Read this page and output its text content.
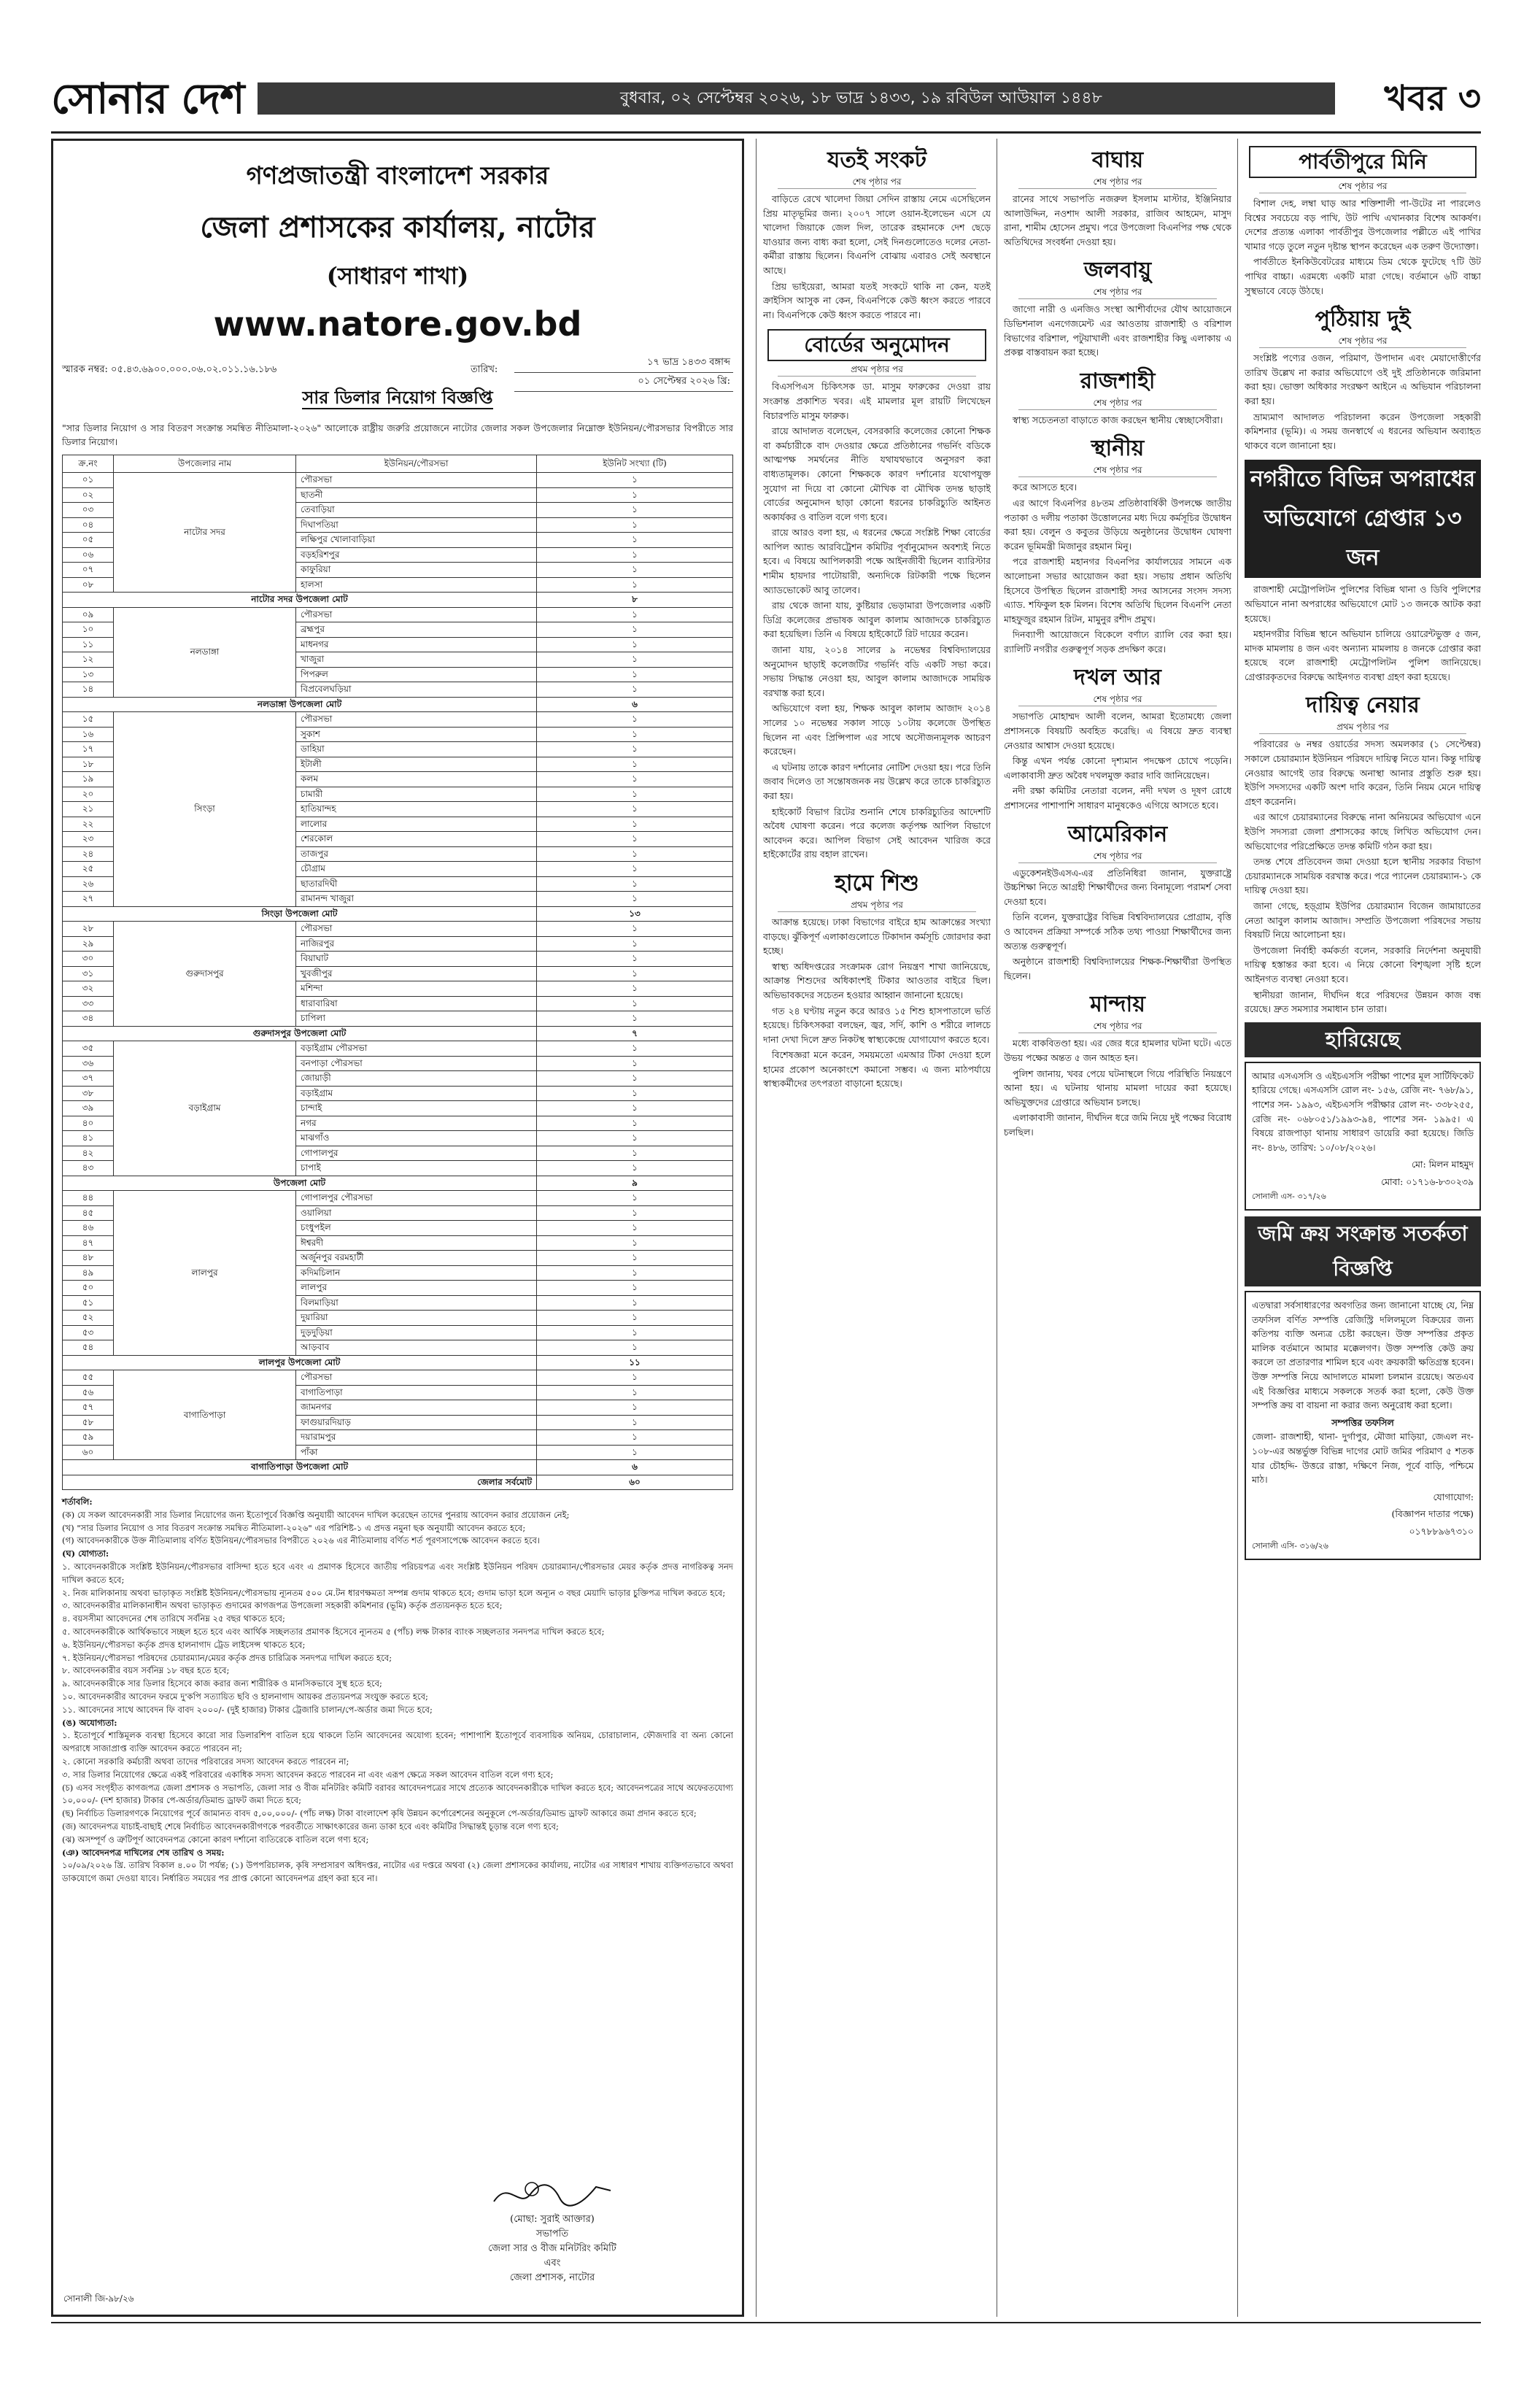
সোনার দেশ	বুধবার, ০২ সেপ্টেম্বর ২০২৬, ১৮ ভাদ্র ১৪৩৩, ১৯ রবিউল আউয়াল ১৪৪৮	খবর ৩
গণপ্রজাতন্ত্রী বাংলাদেশ সরকার
জেলা প্রশাসকের কার্যালয়, নাটোর
(সাধারণ শাখা)
www.natore.gov.bd
স্মারক নম্বর: ০৫.৪৩.৬৯০০.০০০.০৬.০২.০১১.১৬.১৮৬	তারিখ:
১৭ ভাদ্র ১৪৩৩ বঙ্গাব্দ
০১ সেপ্টেম্বর ২০২৬ খ্রি:
সার ডিলার নিয়োগ বিজ্ঞপ্তি
"সার ডিলার নিয়োগ ও সার বিতরণ সংক্রান্ত সমন্বিত নীতিমালা-২০২৬" আলোকে রাষ্ট্রীয় জরুরি প্রয়োজনে নাটোর জেলার সকল উপজেলার নিম্নোক্ত ইউনিয়ন/পৌরসভার বিপরীতে সার ডিলার নিয়োগ।
ক্র.নং	উপজেলার নাম	ইউনিয়ন/পৌরসভা	ইউনিট সংখ্যা (টি)
০১	নাটোর সদর	পৌরসভা	১
০২		ছাতনী	১
০৩		তেবাড়িয়া	১
০৪		দিঘাপতিয়া	১
০৫		লক্ষিপুর খোলাবাড়িয়া	১
০৬		বড়হরিশপুর	১
০৭		কাফুরিয়া	১
০৮		হালসা	১
নাটোর সদর উপজেলা মোট			৮
০৯	নলডাঙ্গা	পৌরসভা	১
১০		ব্রহ্মপুর	১
১১		মাধনগর	১
১২		খাজুরা	১
১৩		পিপরুল	১
১৪		বিপ্রবেলঘড়িয়া	১
নলডাঙ্গা উপজেলা মোট			৬
১৫	সিংড়া	পৌরসভা	১
১৬		সুকাশ	১
১৭		ডাহিয়া	১
১৮		ইটালী	১
১৯		কলম	১
২০		চামারী	১
২১		হাতিয়ান্দহ	১
২২		লালোর	১
২৩		শেরকোল	১
২৪		তাজপুর	১
২৫		চৌগ্রাম	১
২৬		ছাতারদিঘী	১
২৭		রামানন্দ খাজুরা	১
সিংড়া উপজেলা মোট			১৩
২৮	গুরুদাসপুর	পৌরসভা	১
২৯		নাজিরপুর	১
৩০		বিয়াঘাট	১
৩১		খুবজীপুর	১
৩২		মশিন্দা	১
৩৩		ধারাবারিষা	১
৩৪		চাপিলা	১
গুরুদাসপুর উপজেলা মোট			৭
৩৫	বড়াইগ্রাম	বড়াইগ্রাম পৌরসভা	১
৩৬		বনপাড়া পৌরসভা	১
৩৭		জোয়াড়ী	১
৩৮		বড়াইগ্রাম	১
৩৯		চান্দাই	১
৪০		নগর	১
৪১		মাঝগাঁও	১
৪২		গোপালপুর	১
৪৩		চাপাই	১
উপজেলা মোট			৯
৪৪	লালপুর	গোপালপুর পৌরসভা	১
৪৫		ওয়ালিয়া	১
৪৬		চংধুপইল	১
৪৭		ঈশ্বরদী	১
৪৮		অর্জুনপুর বরমহাটী	১
৪৯		কদিমচিলান	১
৫০		লালপুর	১
৫১		বিলমাড়িয়া	১
৫২		দুয়ারিয়া	১
৫৩		দুড়দুড়িয়া	১
৫৪		আড়বাব	১
লালপুর উপজেলা মোট			১১
৫৫	বাগাতিপাড়া	পৌরসভা	১
৫৬		বাগাতিপাড়া	১
৫৭		জামনগর	১
৫৮		ফাগুয়ারদিয়াড়	১
৫৯		দয়ারামপুর	১
৬০		পাঁকা	১
বাগাতিপাড়া উপজেলা মোট			৬
জেলার সর্বমোট			৬০

শর্তাবলি:

(ক) যে সকল আবেদনকারী সার ডিলার নিয়োগের জন্য ইতোপূর্বে বিজ্ঞপ্তি অনুযায়ী আবেদন দাখিল করেছেন তাদের পুনরায় আবেদন করার প্রয়োজন নেই;

(খ) "সার ডিলার নিয়োগ ও সার বিতরণ সংক্রান্ত সমন্বিত নীতিমালা-২০২৬" এর পরিশিষ্ট-১ এ প্রদত্ত নমুনা ছক অনুযায়ী আবেদন করতে হবে;

(গ) আবেদনকারীকে উক্ত নীতিমালায় বর্ণিত ইউনিয়ন/পৌরসভার বিপরীতে ২০২৬ এর নীতিমালায় বর্ণিত শর্ত পূরণসাপেক্ষে আবেদন করতে হবে।

(ঘ) যোগ্যতা:

১. আবেদনকারীকে সংশ্লিষ্ট ইউনিয়ন/পৌরসভার বাসিন্দা হতে হবে এবং এ প্রমাণক হিসেবে জাতীয় পরিচয়পত্র এবং সংশ্লিষ্ট ইউনিয়ন পরিষদ চেয়ারম্যান/পৌরসভার মেয়র কর্তৃক প্রদত্ত নাগরিকত্ব সনদ দাখিল করতে হবে;

২. নিজ মালিকানায় অথবা ভাড়াকৃত সংশ্লিষ্ট ইউনিয়ন/পৌরসভায় ন্যূনতম ৫০০ মে.টন ধারণক্ষমতা সম্পন্ন গুদাম থাকতে হবে; গুদাম ভাড়া হলে অন্যূন ৩ বছর মেয়াদি ভাড়ার চুক্তিপত্র দাখিল করতে হবে;

৩. আবেদনকারীর মালিকানাধীন অথবা ভাড়াকৃত গুদামের কাগজপত্র উপজেলা সহকারী কমিশনার (ভূমি) কর্তৃক প্রত্যয়নকৃত হতে হবে;

৪. বয়সসীমা আবেদনের শেষ তারিখে সর্বনিম্ন ২৫ বছর থাকতে হবে;

৫. আবেদনকারীকে আর্থিকভাবে সচ্ছল হতে হবে এবং আর্থিক সচ্ছলতার প্রমাণক হিসেবে ন্যূনতম ৫ (পাঁচ) লক্ষ টাকার ব্যাংক সচ্ছলতার সনদপত্র দাখিল করতে হবে;

৬. ইউনিয়ন/পৌরসভা কর্তৃক প্রদত্ত হালনাগাদ ট্রেড লাইসেন্স থাকতে হবে;

৭. ইউনিয়ন/পৌরসভা পরিষদের চেয়ারম্যান/মেয়র কর্তৃক প্রদত্ত চারিত্রিক সনদপত্র দাখিল করতে হবে;

৮. আবেদনকারীর বয়স সর্বনিম্ন ১৮ বছর হতে হবে;

৯. আবেদনকারীকে সার ডিলার হিসেবে কাজ করার জন্য শারীরিক ও মানসিকভাবে সুস্থ হতে হবে;

১০. আবেদনকারীর আবেদন ফরমে দু'কপি সত্যায়িত ছবি ও হালনাগাদ আয়কর প্রত্যয়নপত্র সংযুক্ত করতে হবে;

১১. আবেদনের সাথে আবেদন ফি বাবদ ২০০০/- (দুই হাজার) টাকার ট্রেজারি চালান/পে-অর্ডার জমা দিতে হবে;

(ঙ) অযোগ্যতা:

১. ইতোপূর্বে শাস্তিমূলক ব্যবস্থা হিসেবে কারো সার ডিলারশিপ বাতিল হয়ে থাকলে তিনি আবেদনের অযোগ্য হবেন; পাশাপাশি ইতোপূর্বে ব্যবসায়িক অনিয়ম, চোরাচালান, ফৌজদারি বা অন্য কোনো অপরাধে সাজাপ্রাপ্ত ব্যক্তি আবেদন করতে পারবেন না;

২. কোনো সরকারি কর্মচারী অথবা তাদের পরিবারের সদস্য আবেদন করতে পারবেন না;

৩. সার ডিলার নিয়োগের ক্ষেত্রে একই পরিবারের একাধিক সদস্য আবেদন করতে পারবেন না এবং এরূপ ক্ষেত্রে সকল আবেদন বাতিল বলে গণ্য হবে;

(চ) এসব সংগৃহীত কাগজপত্র জেলা প্রশাসক ও সভাপতি, জেলা সার ও বীজ মনিটরিং কমিটি বরাবর আবেদনপত্রের সাথে প্রত্যেক আবেদনকারীকে দাখিল করতে হবে; আবেদনপত্রের সাথে অফেরতযোগ্য ১০,০০০/- (দশ হাজার) টাকার পে-অর্ডার/ডিমান্ড ড্রাফট জমা দিতে হবে;

(ছ) নির্বাচিত ডিলারগণকে নিয়োগের পূর্বে জামানত বাবদ ৫,০০,০০০/- (পাঁচ লক্ষ) টাকা বাংলাদেশ কৃষি উন্নয়ন কর্পোরেশনের অনুকূলে পে-অর্ডার/ডিমান্ড ড্রাফট আকারে জমা প্রদান করতে হবে;

(জ) আবেদনপত্র যাচাই-বাছাই শেষে নির্বাচিত আবেদনকারীগণকে পরবর্তীতে সাক্ষাৎকারের জন্য ডাকা হবে এবং কমিটির সিদ্ধান্তই চূড়ান্ত বলে গণ্য হবে;

(ঝ) অসম্পূর্ণ ও ত্রুটিপূর্ণ আবেদনপত্র কোনো কারণ দর্শানো ব্যতিরেকে বাতিল বলে গণ্য হবে;

(ঞ) আবেদনপত্র দাখিলের শেষ তারিখ ও সময়:

১০/০৯/২০২৬ খ্রি. তারিখ বিকাল ৪.০০ টা পর্যন্ত; (১) উপপরিচালক, কৃষি সম্প্রসারণ অধিদপ্তর, নাটোর এর দপ্তরে অথবা (২) জেলা প্রশাসকের কার্যালয়, নাটোর এর সাধারণ শাখায় ব্যক্তিগতভাবে অথবা ডাকযোগে জমা দেওয়া যাবে। নির্ধারিত সময়ের পর প্রাপ্ত কোনো আবেদনপত্র গ্রহণ করা হবে না।

(মোছা: সুরাই আক্তার)
সভাপতি
জেলা সার ও বীজ মনিটরিং কমিটি
এবং
জেলা প্রশাসক, নাটোর
সোনালী জি-৯৮/২৬
যতই সংকট
শেষ পৃষ্ঠার পর

বাড়িতে রেখে খালেদা জিয়া সেদিন রাস্তায় নেমে এসেছিলেন প্রিয় মাতৃভূমির জন্য। ২০০৭ সালে ওয়ান-ইলেভেন এসে যে খালেদা জিয়াকে জেল দিল, তারেক রহমানকে দেশ ছেড়ে যাওয়ার জন্য বাধ্য করা হলো, সেই দিনগুলোতেও দলের নেতা-কর্মীরা রাস্তায় ছিলেন। বিএনপি বোঝায় এবারও সেই অবস্থানে আছে।

প্রিয় ভাইয়েরা, আমরা যতই সংকটে থাকি না কেন, যতই ক্রাইসিস আসুক না কেন, বিএনপিকে কেউ ধ্বংস করতে পারবে না। বিএনপিকে কেউ ধ্বংস করতে পারবে না।

বোর্ডের অনুমোদন
প্রথম পৃষ্ঠার পর

বিএসপিএস চিকিৎসক ডা. মাসুম ফারুকের দেওয়া রায় সংক্রান্ত প্রকাশিত খবর। এই মামলার মূল রায়টি লিখেছেন বিচারপতি মাসুম ফারুক।

রায়ে আদালত বলেছেন, বেসরকারি কলেজের কোনো শিক্ষক বা কর্মচারীকে বাদ দেওয়ার ক্ষেত্রে প্রতিষ্ঠানের গভর্নিং বডিকে আত্মপক্ষ সমর্থনের নীতি যথাযথভাবে অনুসরণ করা বাধ্যতামূলক। কোনো শিক্ষককে কারণ দর্শানোর যথোপযুক্ত সুযোগ না দিয়ে বা কোনো মৌখিক বা মৌখিক তদন্ত ছাড়াই বোর্ডের অনুমোদন ছাড়া কোনো ধরনের চাকরিচ্যুতি আইনত অকার্যকর ও বাতিল বলে গণ্য হবে।

রায়ে আরও বলা হয়, এ ধরনের ক্ষেত্রে সংশ্লিষ্ট শিক্ষা বোর্ডের আপিল অ্যান্ড আরবিট্রেশন কমিটির পূর্বানুমোদন অবশ্যই নিতে হবে। এ বিষয়ে আপিলকারী পক্ষে আইনজীবী ছিলেন ব্যারিস্টার শামীম হায়দার পাটোয়ারী, অন্যদিকে রিটকারী পক্ষে ছিলেন অ্যাডভোকেট আবু তালেব।

রায় থেকে জানা যায়, কুষ্টিয়ার ভেড়ামারা উপজেলার একটি ডিগ্রি কলেজের প্রভাষক আবুল কালাম আজাদকে চাকরিচ্যুত করা হয়েছিল। তিনি এ বিষয়ে হাইকোর্টে রিট দায়ের করেন।

জানা যায়, ২০১৪ সালের ৯ নভেম্বর বিশ্ববিদ্যালয়ের অনুমোদন ছাড়াই কলেজটির গভর্নিং বডি একটি সভা করে। সভায় সিদ্ধান্ত নেওয়া হয়, আবুল কালাম আজাদকে সাময়িক বরখাস্ত করা হবে।

অভিযোগে বলা হয়, শিক্ষক আবুল কালাম আজাদ ২০১৪ সালের ১০ নভেম্বর সকাল সাড়ে ১০টায় কলেজে উপস্থিত ছিলেন না এবং প্রিন্সিপাল এর সাথে অসৌজন্যমূলক আচরণ করেছেন।

এ ঘটনায় তাকে কারণ দর্শানোর নোটিশ দেওয়া হয়। পরে তিনি জবাব দিলেও তা সন্তোষজনক নয় উল্লেখ করে তাকে চাকরিচ্যুত করা হয়।

হাইকোর্ট বিভাগ রিটের শুনানি শেষে চাকরিচ্যুতির আদেশটি অবৈধ ঘোষণা করেন। পরে কলেজ কর্তৃপক্ষ আপিল বিভাগে আবেদন করে। আপিল বিভাগ সেই আবেদন খারিজ করে হাইকোর্টের রায় বহাল রাখেন।

হামে শিশু
প্রথম পৃষ্ঠার পর

আক্রান্ত হয়েছে। ঢাকা বিভাগের বাইরে হাম আক্রান্তের সংখ্যা বাড়ছে। ঝুঁকিপূর্ণ এলাকাগুলোতে টিকাদান কর্মসূচি জোরদার করা হচ্ছে।

স্বাস্থ্য অধিদপ্তরের সংক্রামক রোগ নিয়ন্ত্রণ শাখা জানিয়েছে, আক্রান্ত শিশুদের অধিকাংশই টিকার আওতার বাইরে ছিল। অভিভাবকদের সচেতন হওয়ার আহ্বান জানানো হয়েছে।

গত ২৪ ঘণ্টায় নতুন করে আরও ১৫ শিশু হাসপাতালে ভর্তি হয়েছে। চিকিৎসকরা বলছেন, জ্বর, সর্দি, কাশি ও শরীরে লালচে দানা দেখা দিলে দ্রুত নিকটস্থ স্বাস্থ্যকেন্দ্রে যোগাযোগ করতে হবে।

বিশেষজ্ঞরা মনে করেন, সময়মতো এমআর টিকা দেওয়া হলে হামের প্রকোপ অনেকাংশে কমানো সম্ভব। এ জন্য মাঠপর্যায়ে স্বাস্থ্যকর্মীদের তৎপরতা বাড়ানো হয়েছে।

বাঘায়
শেষ পৃষ্ঠার পর

রানের সাথে সভাপতি নজরুল ইসলাম মাস্টার, ইঞ্জিনিয়ার আলাউদ্দিন, নওশাদ আলী সরকার, রাজিব আহমেদ, মাসুদ রানা, শামীম হোসেন প্রমুখ। পরে উপজেলা বিএনপির পক্ষ থেকে অতিথিদের সংবর্ধনা দেওয়া হয়।

জলবায়ু
শেষ পৃষ্ঠার পর

জাগো নারী ও এনজিও সংস্থা আশীর্বাদের যৌথ আয়োজনে ডিভিশনাল এনগেজমেন্ট এর আওতায় রাজশাহী ও বরিশাল বিভাগের বরিশাল, পটুয়াখালী এবং রাজশাহীর কিছু এলাকায় এ প্রকল্প বাস্তবায়ন করা হচ্ছে।

রাজশাহী
শেষ পৃষ্ঠার পর

স্বাস্থ্য সচেতনতা বাড়াতে কাজ করছেন স্থানীয় স্বেচ্ছাসেবীরা।

স্থানীয়
শেষ পৃষ্ঠার পর

করে আসতে হবে।

এর আগে বিএনপির ৪৮তম প্রতিষ্ঠাবার্ষিকী উপলক্ষে জাতীয় পতাকা ও দলীয় পতাকা উত্তোলনের মধ্য দিয়ে কর্মসূচির উদ্বোধন করা হয়। বেলুন ও কবুতর উড়িয়ে অনুষ্ঠানের উদ্বোধন ঘোষণা করেন ভূমিমন্ত্রী মিজানুর রহমান মিনু।

পরে রাজশাহী মহানগর বিএনপির কার্যালয়ের সামনে এক আলোচনা সভার আয়োজন করা হয়। সভায় প্রধান অতিথি হিসেবে উপস্থিত ছিলেন রাজশাহী সদর আসনের সংসদ সদস্য এ্যাড. শফিকুল হক মিলন। বিশেষ অতিথি ছিলেন বিএনপি নেতা মাহফুজুর রহমান রিটন, মামুনুর রশীদ প্রমুখ।

দিনব্যাপী আয়োজনে বিকেলে বর্ণাঢ্য র‍্যালি বের করা হয়। র‍্যালিটি নগরীর গুরুত্বপূর্ণ সড়ক প্রদক্ষিণ করে।

দখল আর
শেষ পৃষ্ঠার পর

সভাপতি মোহাম্মদ আলী বলেন, আমরা ইতোমধ্যে জেলা প্রশাসনকে বিষয়টি অবহিত করেছি। এ বিষয়ে দ্রুত ব্যবস্থা নেওয়ার আশ্বাস দেওয়া হয়েছে।

কিন্তু এখন পর্যন্ত কোনো দৃশ্যমান পদক্ষেপ চোখে পড়েনি। এলাকাবাসী দ্রুত অবৈধ দখলমুক্ত করার দাবি জানিয়েছেন।

নদী রক্ষা কমিটির নেতারা বলেন, নদী দখল ও দূষণ রোধে প্রশাসনের পাশাপাশি সাধারণ মানুষকেও এগিয়ে আসতে হবে।

আমেরিকান
শেষ পৃষ্ঠার পর

এডুকেশনইউএসএ-এর প্রতিনিধিরা জানান, যুক্তরাষ্ট্রে উচ্চশিক্ষা নিতে আগ্রহী শিক্ষার্থীদের জন্য বিনামূল্যে পরামর্শ সেবা দেওয়া হবে।

তিনি বলেন, যুক্তরাষ্ট্রের বিভিন্ন বিশ্ববিদ্যালয়ের প্রোগ্রাম, বৃত্তি ও আবেদন প্রক্রিয়া সম্পর্কে সঠিক তথ্য পাওয়া শিক্ষার্থীদের জন্য অত্যন্ত গুরুত্বপূর্ণ।

অনুষ্ঠানে রাজশাহী বিশ্ববিদ্যালয়ের শিক্ষক-শিক্ষার্থীরা উপস্থিত ছিলেন।

মান্দায়
শেষ পৃষ্ঠার পর

মধ্যে বাকবিতণ্ডা হয়। এর জের ধরে হামলার ঘটনা ঘটে। এতে উভয় পক্ষের অন্তত ৫ জন আহত হন।

পুলিশ জানায়, খবর পেয়ে ঘটনাস্থলে গিয়ে পরিস্থিতি নিয়ন্ত্রণে আনা হয়। এ ঘটনায় থানায় মামলা দায়ের করা হয়েছে। অভিযুক্তদের গ্রেপ্তারে অভিযান চলছে।

এলাকাবাসী জানান, দীর্ঘদিন ধরে জমি নিয়ে দুই পক্ষের বিরোধ চলছিল।

পার্বতীপুরে মিনি
শেষ পৃষ্ঠার পর

বিশাল দেহ, লম্বা ঘাড় আর শক্তিশালী পা-উটের না পারলেও বিশ্বের সবচেয়ে বড় পাখি, উট পাখি এখানকার বিশেষ আকর্ষণ। দেশের প্রত্যন্ত এলাকা পার্বতীপুর উপজেলার পল্লীতে এই পাখির খামার গড়ে তুলে নতুন দৃষ্টান্ত স্থাপন করেছেন এক তরুণ উদ্যোক্তা।

পার্বতীতে ইনকিউবেটরের মাধ্যমে ডিম থেকে ফুটেছে ৭টি উট পাখির বাচ্চা। এরমধ্যে একটি মারা গেছে। বর্তমানে ৬টি বাচ্চা সুস্থভাবে বেড়ে উঠছে।

পুঠিয়ায় দুই
শেষ পৃষ্ঠার পর

সংশ্লিষ্ট পণ্যের ওজন, পরিমাণ, উপাদান এবং মেয়াদোত্তীর্ণের তারিখ উল্লেখ না করার অভিযোগে ওই দুই প্রতিষ্ঠানকে জরিমানা করা হয়। ভোক্তা অধিকার সংরক্ষণ আইনে এ অভিযান পরিচালনা করা হয়।

ভ্রাম্যমাণ আদালত পরিচালনা করেন উপজেলা সহকারী কমিশনার (ভূমি)। এ সময় জনস্বার্থে এ ধরনের অভিযান অব্যাহত থাকবে বলে জানানো হয়।

নগরীতে বিভিন্ন অপরাধের অভিযোগে গ্রেপ্তার ১৩ জন

রাজশাহী মেট্রোপলিটন পুলিশের বিভিন্ন থানা ও ডিবি পুলিশের অভিযানে নানা অপরাধের অভিযোগে মোট ১৩ জনকে আটক করা হয়েছে।

মহানগরীর বিভিন্ন স্থানে অভিযান চালিয়ে ওয়ারেন্টভুক্ত ৫ জন, মাদক মামলায় ৪ জন এবং অন্যান্য মামলায় ৪ জনকে গ্রেপ্তার করা হয়েছে বলে রাজশাহী মেট্রোপলিটন পুলিশ জানিয়েছে। গ্রেপ্তারকৃতদের বিরুদ্ধে আইনগত ব্যবস্থা গ্রহণ করা হয়েছে।

দায়িত্ব নেয়ার
প্রথম পৃষ্ঠার পর

পরিবারের ৬ নম্বর ওয়ার্ডের সদস্য অমলকার (১ সেপ্টেম্বর) সকালে চেয়ারম্যান ইউনিয়ন পরিষদে দায়িত্ব নিতে যান। কিন্তু দায়িত্ব নেওয়ার আগেই তার বিরুদ্ধে অনাস্থা আনার প্রস্তুতি শুরু হয়। ইউপি সদস্যদের একটি অংশ দাবি করেন, তিনি নিয়ম মেনে দায়িত্ব গ্রহণ করেননি।

এর আগে চেয়ারম্যানের বিরুদ্ধে নানা অনিয়মের অভিযোগ এনে ইউপি সদস্যরা জেলা প্রশাসকের কাছে লিখিত অভিযোগ দেন। অভিযোগের পরিপ্রেক্ষিতে তদন্ত কমিটি গঠন করা হয়।

তদন্ত শেষে প্রতিবেদন জমা দেওয়া হলে স্থানীয় সরকার বিভাগ চেয়ারম্যানকে সাময়িক বরখাস্ত করে। পরে প্যানেল চেয়ারম্যান-১ কে দায়িত্ব দেওয়া হয়।

জানা গেছে, হড়্গ্রাম ইউপির চেয়ারম্যান বিজেন জামায়াতের নেতা আবুল কালাম আজাদ। সম্প্রতি উপজেলা পরিষদের সভায় বিষয়টি নিয়ে আলোচনা হয়।

উপজেলা নির্বাহী কর্মকর্তা বলেন, সরকারি নির্দেশনা অনুযায়ী দায়িত্ব হস্তান্তর করা হবে। এ নিয়ে কোনো বিশৃঙ্খলা সৃষ্টি হলে আইনগত ব্যবস্থা নেওয়া হবে।

স্থানীয়রা জানান, দীর্ঘদিন ধরে পরিষদের উন্নয়ন কাজ বন্ধ রয়েছে। দ্রুত সমস্যার সমাধান চান তারা।

হারিয়েছে
আমার এসএসসি ও এইচএসসি পরীক্ষা পাশের মূল সার্টিফিকেট হারিয়ে গেছে। এসএসসি রোল নং- ১৫৬, রেজি নং- ৭৬৮/৯১, পাশের সন- ১৯৯৩, এইচএসসি পরীক্ষার রোল নং- ৩৩৮২৫৫, রেজি নং- ০৬৮০৫১/১৯৯৩-৯৪, পাশের সন- ১৯৯৫। এ বিষয়ে রাজপাড়া থানায় সাধারণ ডায়েরি করা হয়েছে। জিডি নং- ৪৮৬, তারিখ: ১০/০৮/২০২৬।
মো: মিলন মাহমুদ
মোবা: ০১৭১৬-৮৩০২৩৯
সোনালী এস- ৩১৭/২৬
জমি ক্রয় সংক্রান্ত সতর্কতা বিজ্ঞপ্তি
এতদ্বারা সর্বসাধারণের অবগতির জন্য জানানো যাচ্ছে যে, নিম্ন তফসিল বর্ণিত সম্পত্তি রেজিস্ট্রি দলিলমূলে বিক্রয়ের জন্য কতিপয় ব্যক্তি অন্যত্র চেষ্টা করছেন। উক্ত সম্পত্তির প্রকৃত মালিক বর্তমানে আমার মক্কেলগণ। উক্ত সম্পত্তি কেউ ক্রয় করলে তা প্রতারণার শামিল হবে এবং ক্রয়কারী ক্ষতিগ্রস্ত হবেন। উক্ত সম্পত্তি নিয়ে আদালতে মামলা চলমান রয়েছে। অতএব এই বিজ্ঞপ্তির মাধ্যমে সকলকে সতর্ক করা হলো, কেউ উক্ত সম্পত্তি ক্রয় বা বায়না না করার জন্য অনুরোধ করা হলো।
সম্পত্তির তফসিল
জেলা- রাজশাহী, থানা- দুর্গাপুর, মৌজা মাড়িয়া, জেএল নং- ১০৮-এর অন্তর্ভুক্ত বিভিন্ন দাগের মোট জমির পরিমাণ ৫ শতক যার চৌহদ্দি- উত্তরে রাস্তা, দক্ষিণে নিজ, পূর্বে বাড়ি, পশ্চিমে মাঠ।
যোগাযোগ:
(বিজ্ঞাপন দাতার পক্ষে)
০১৭৮৮৯৬৭৩১০
সোনালী এসি- ৩১৬/২৬
